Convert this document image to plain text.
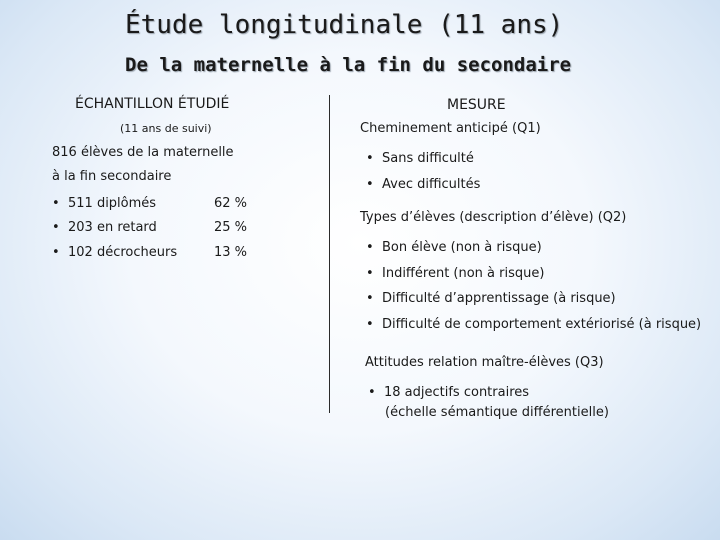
Étude longitudinale (11 ans)
De la maternelle à la fin du secondaire
ÉCHANTILLON ÉTUDIÉ
(11 ans de suivi)
816 élèves de la maternelle
à la fin secondaire
• 511 diplômés	62 %
• 203 en retard	25 %
• 102 décrocheurs	13 %
MESURE
Cheminement anticipé (Q1)
• Sans difficulté
• Avec difficultés
Types d’élèves (description d’élève) (Q2)
• Bon élève (non à risque)
• Indifférent (non à risque)
• Difficulté d’apprentissage (à risque)
• Difficulté de comportement extériorisé (à risque)
Attitudes relation maître-élèves (Q3)
• 18 adjectifs contraires
(échelle sémantique différentielle)
